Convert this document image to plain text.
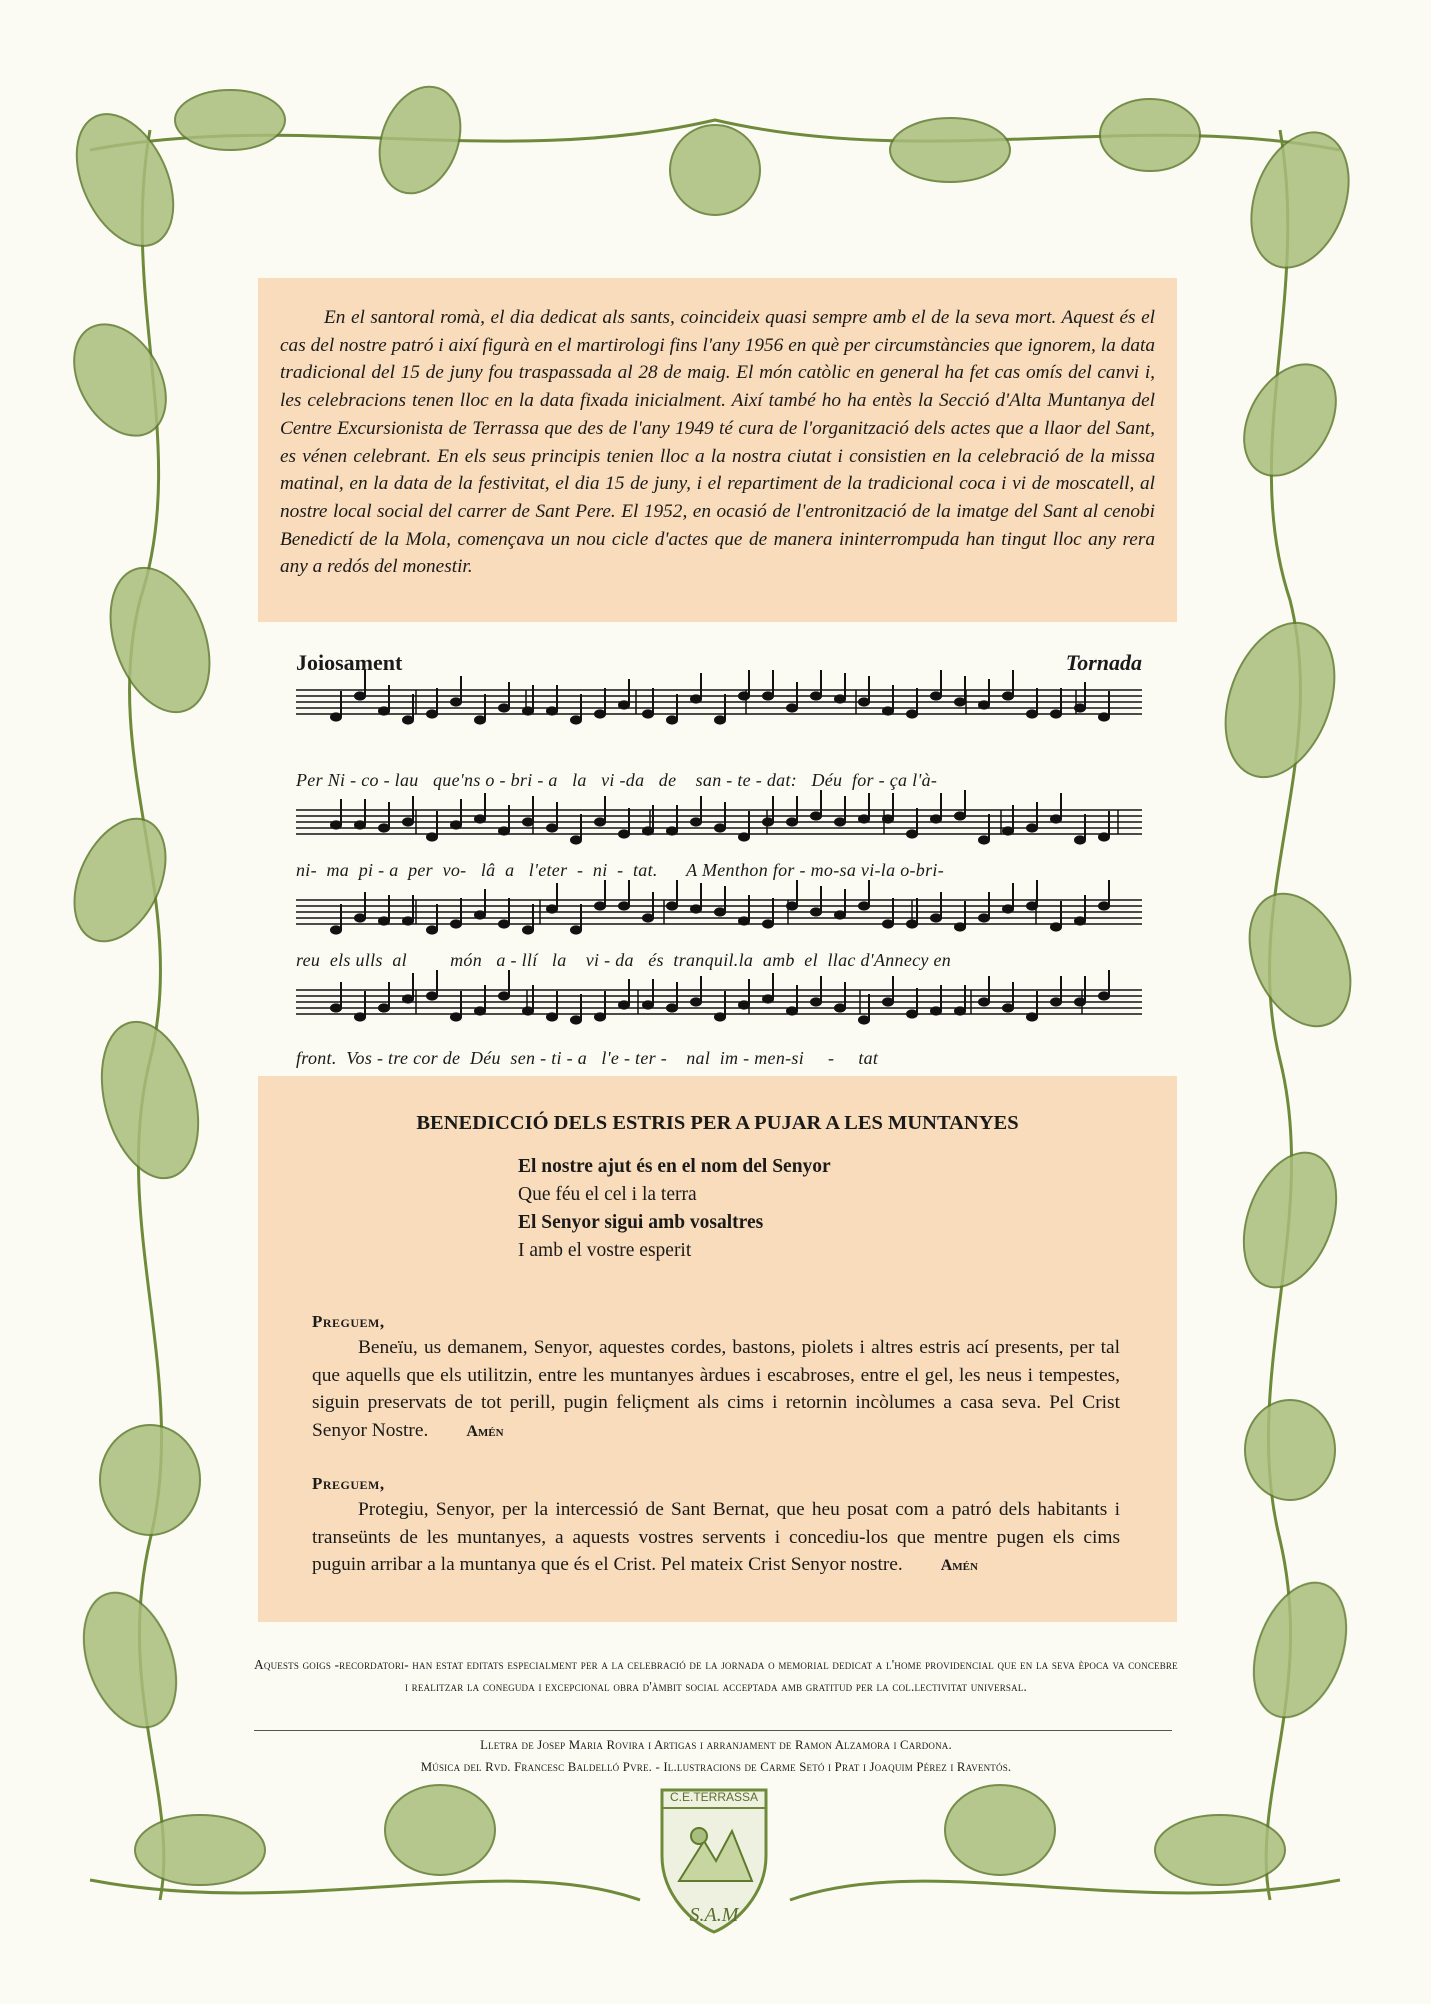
En el santoral romà, el dia dedicat als sants, coincideix quasi sempre amb el de la seva mort. Aquest és el cas del nostre patró i així figurà en el martirologi fins l'any 1956 en què per circumstàncies que ignorem, la data tradicional del 15 de juny fou traspassada al 28 de maig. El món catòlic en general ha fet cas omís del canvi i, les celebracions tenen lloc en la data fixada inicialment. Així també ho ha entès la Secció d'Alta Muntanya del Centre Excursionista de Terrassa que des de l'any 1949 té cura de l'organització dels actes que a llaor del Sant, es vénen celebrant. En els seus principis tenien lloc a la nostra ciutat i consistien en la celebració de la missa matinal, en la data de la festivitat, el dia 15 de juny, i el repartiment de la tradicional coca i vi de moscatell, al nostre local social del carrer de Sant Pere. El 1952, en ocasió de l'entronització de la imatge del Sant al cenobi Benedictí de la Mola, començava un nou cicle d'actes que de manera ininterrompuda han tingut lloc any rera any a redós del monestir.

Joiosament	Tornada
Per Ni - co - lau   que'ns o - bri - a   la   vi -da   de    san - te - dat:   Déu  for - ça l'à-
ni-  ma  pi - a  per  vo-   lâ  a   l'eter  -  ni  -  tat.      A Menthon for - mo-sa vi-la o-bri-
reu  els ulls  al         món   a - llí   la    vi - da   és  tranquil.la  amb  el  llac d'Annecy en
front.  Vos - tre cor de  Déu  sen - ti - a   l'e - ter -    nal  im - men-si     -     tat
BENEDICCIÓ DELS ESTRIS PER A PUJAR A LES MUNTANYES
El nostre ajut és en el nom del Senyor
Que féu el cel i la terra
El Senyor sigui amb vosaltres
I amb el vostre esperit
Preguem,

Beneïu, us demanem, Senyor, aquestes cordes, bastons, piolets i altres estris ací presents, per tal que aquells que els utilitzin, entre les muntanyes àrdues i escabroses, entre el gel, les neus i tempestes, siguin preservats de tot perill, pugin feliçment als cims i retornin incòlumes a casa seva. Pel Crist Senyor Nostre. Amén

Preguem,

Protegiu, Senyor, per la intercessió de Sant Bernat, que heu posat com a patró dels habitants i transeünts de les muntanyes, a aquests vostres servents i concediu-los que mentre pugen els cims puguin arribar a la muntanya que és el Crist. Pel mateix Crist Senyor nostre. Amén

Aquests goigs -recordatori- han estat editats especialment per a la celebració de la jornada o memorial dedicat a l'home providencial que en la seva època va concebre i realitzar la coneguda i excepcional obra d'àmbit social acceptada amb gratitud per la col.lectivitat universal.

Lletra de Josep Maria Rovira i Artigas i arranjament de Ramon Alzamora i Cardona.
Música del Rvd. Francesc Baldelló Pvre. - Il.lustracions de Carme Setó i Prat i Joaquim Pérez i Raventós.
C.E.TERRASSA
S.A.M
